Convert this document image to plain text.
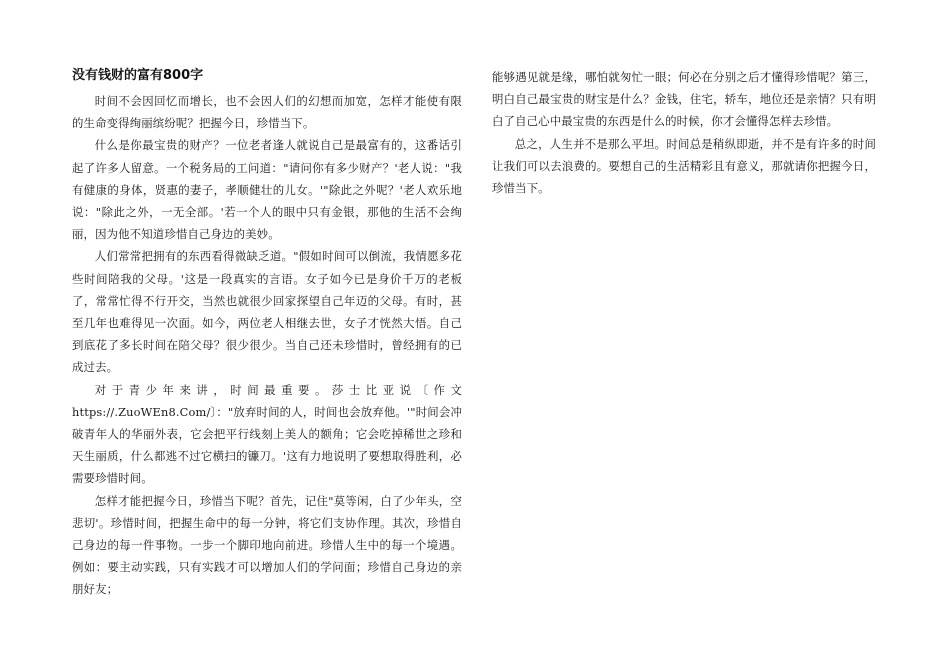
没有钱财的富有800字

时间不会因回忆而增长，也不会因人们的幻想而加宽，怎样才能使有限的生命变得绚丽缤纷呢？把握今日，珍惜当下。

什么是你最宝贵的财产？一位老者逢人就说自己是最富有的，这番话引起了许多人留意。一个税务局的工问道："请问你有多少财产？'老人说："我有健康的身体，贤惠的妻子，孝顺健壮的儿女。'"除此之外呢？'老人欢乐地说："除此之外，一无全部。'若一个人的眼中只有金银，那他的生活不会绚丽，因为他不知道珍惜自己身边的美妙。

人们常常把拥有的东西看得微缺乏道。"假如时间可以倒流，我情愿多花些时间陪我的父母。'这是一段真实的言语。女子如今已是身价千万的老板了，常常忙得不行开交，当然也就很少回家探望自己年迈的父母。有时，甚至几年也难得见一次面。如今，两位老人相继去世，女子才恍然大悟。自己到底花了多长时间在陪父母？很少很少。当自己还未珍惜时，曾经拥有的已成过去。

对于青少年来讲，时间最重要。莎士比亚说〔作文https://.ZuoWEn8.Com/〕："放弃时间的人，时间也会放弃他。'"时间会冲破青年人的华丽外表，它会把平行线刻上美人的额角；它会吃掉稀世之珍和天生丽质，什么都逃不过它横扫的镰刀。'这有力地说明了要想取得胜利，必需要珍惜时间。

怎样才能把握今日，珍惜当下呢？首先，记住"莫等闲，白了少年头，空悲切'。珍惜时间，把握生命中的每一分钟，将它们支协作理。其次，珍惜自己身边的每一件事物。一步一个脚印地向前进。珍惜人生中的每一个境遇。例如：要主动实践，只有实践才可以增加人们的学问面；珍惜自己身边的亲朋好友；

能够遇见就是缘，哪怕就匆忙一眼；何必在分别之后才懂得珍惜呢？第三，明白自己最宝贵的财宝是什么？金钱，住宅，轿车，地位还是亲情？只有明白了自己心中最宝贵的东西是什么的时候，你才会懂得怎样去珍惜。

总之，人生并不是那么平坦。时间总是稍纵即逝，并不是有许多的时间让我们可以去浪费的。要想自己的生活精彩且有意义，那就请你把握今日，珍惜当下。
